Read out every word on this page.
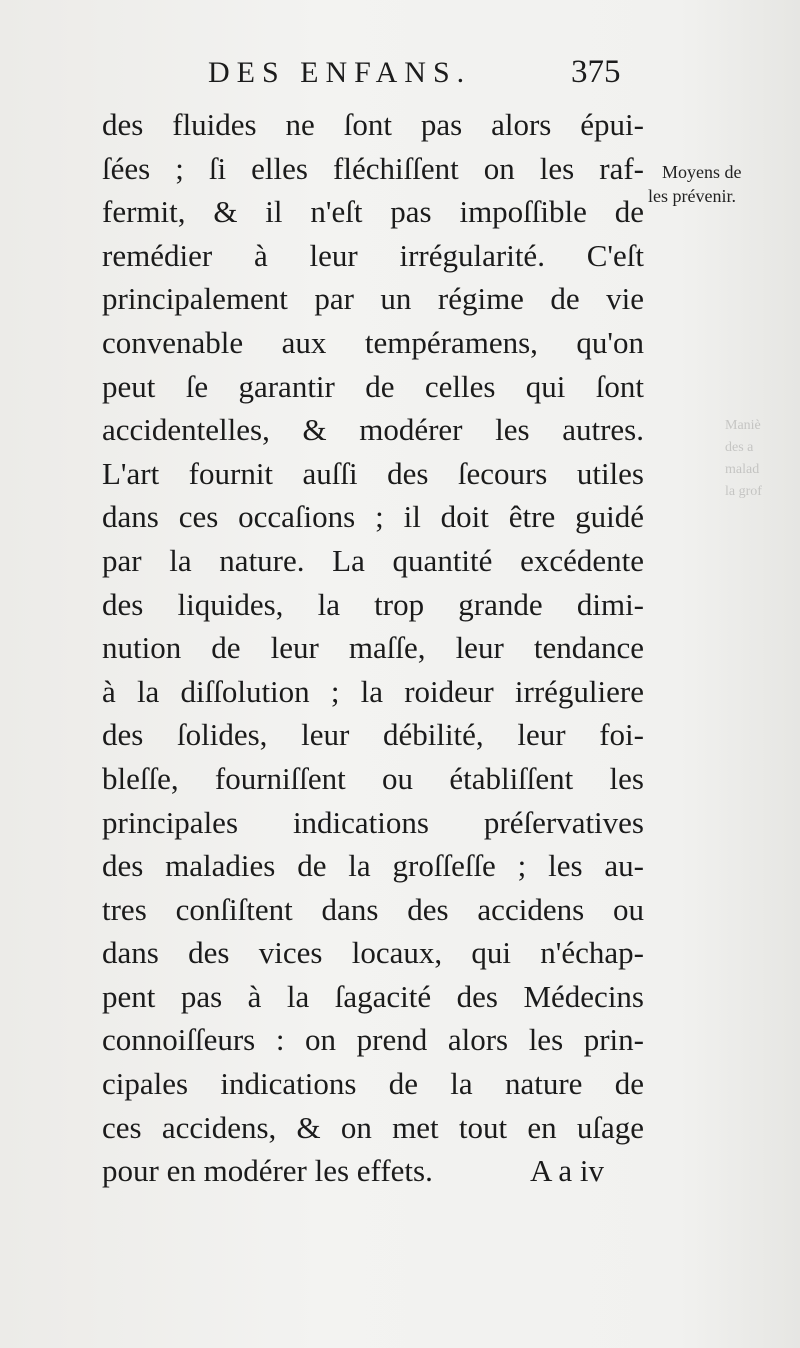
Maniè
des a
malad
la grof

DES ENFANS.	375
Moyens de
les prévenir.
des fluides ne ſont pas alors épui-
ſées ; ſi elles fléchiſſent on les raf-
fermit, & il n'eſt pas impoſſible de
remédier à leur irrégularité. C'eſt
principalement par un régime de vie
convenable aux tempéramens, qu'on
peut ſe garantir de celles qui ſont
accidentelles, & modérer les autres.
L'art fournit auſſi des ſecours utiles
dans ces occaſions ; il doit être guidé
par la nature. La quantité excédente
des liquides, la trop grande dimi-
nution de leur maſſe, leur tendance
à la diſſolution ; la roideur irréguliere
des ſolides, leur débilité, leur foi-
bleſſe, fourniſſent ou établiſſent les
principales indications préſervatives
des maladies de la groſſeſſe ; les au-
tres conſiſtent dans des accidens ou
dans des vices locaux, qui n'échap-
pent pas à la ſagacité des Médecins
connoiſſeurs : on prend alors les prin-
cipales indications de la nature de
ces accidens, & on met tout en uſage
pour en modérer les effets.	A a iv
